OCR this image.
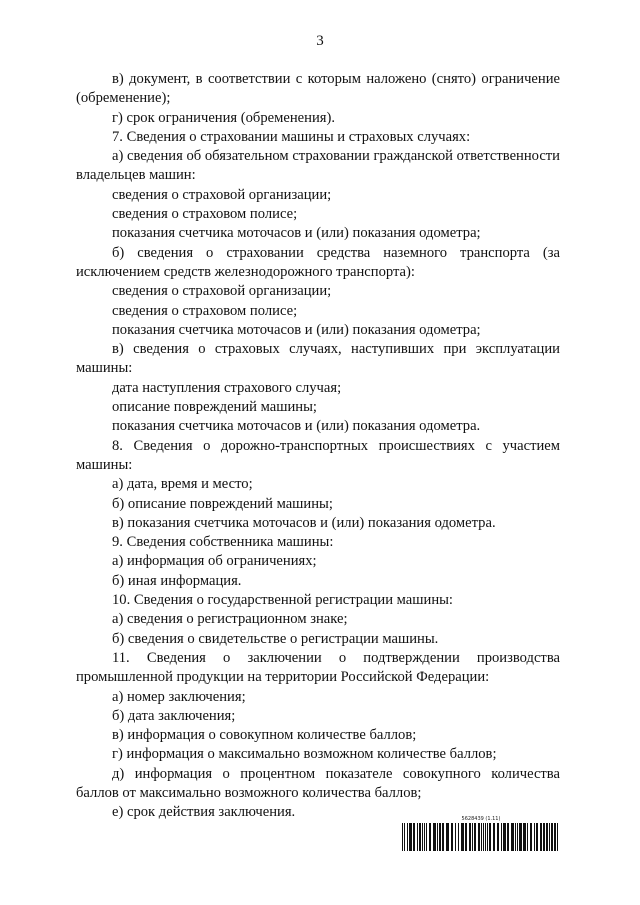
3

в) документ, в соответствии с которым наложено (снято) ограничение (обременение);

г) срок ограничения (обременения).

7. Сведения о страховании машины и страховых случаях:

а) сведения об обязательном страховании гражданской ответственности владельцев машин:

сведения о страховой организации;

сведения о страховом полисе;

показания счетчика моточасов и (или) показания одометра;

б) сведения о страховании средства наземного транспорта (за исключением средств железнодорожного транспорта):

сведения о страховой организации;

сведения о страховом полисе;

показания счетчика моточасов и (или) показания одометра;

в) сведения о страховых случаях, наступивших при эксплуатации машины:

дата наступления страхового случая;

описание повреждений машины;

показания счетчика моточасов и (или) показания одометра.

8. Сведения о дорожно-транспортных происшествиях с участием машины:

а) дата, время и место;

б) описание повреждений машины;

в) показания счетчика моточасов и (или) показания одометра.

9. Сведения собственника машины:

а) информация об ограничениях;

б) иная информация.

10. Сведения о государственной регистрации машины:

а) сведения о регистрационном знаке;

б) сведения о свидетельстве о регистрации машины.

11. Сведения о заключении о подтверждении производства промышленной продукции на территории Российской Федерации:

а) номер заключения;

б) дата заключения;

в) информация о совокупном количестве баллов;

г) информация о максимально возможном количестве баллов;

д) информация о процентном показателе совокупного количества баллов от максимально возможного количества баллов;

е) срок действия заключения.	5628439 (1.11)
